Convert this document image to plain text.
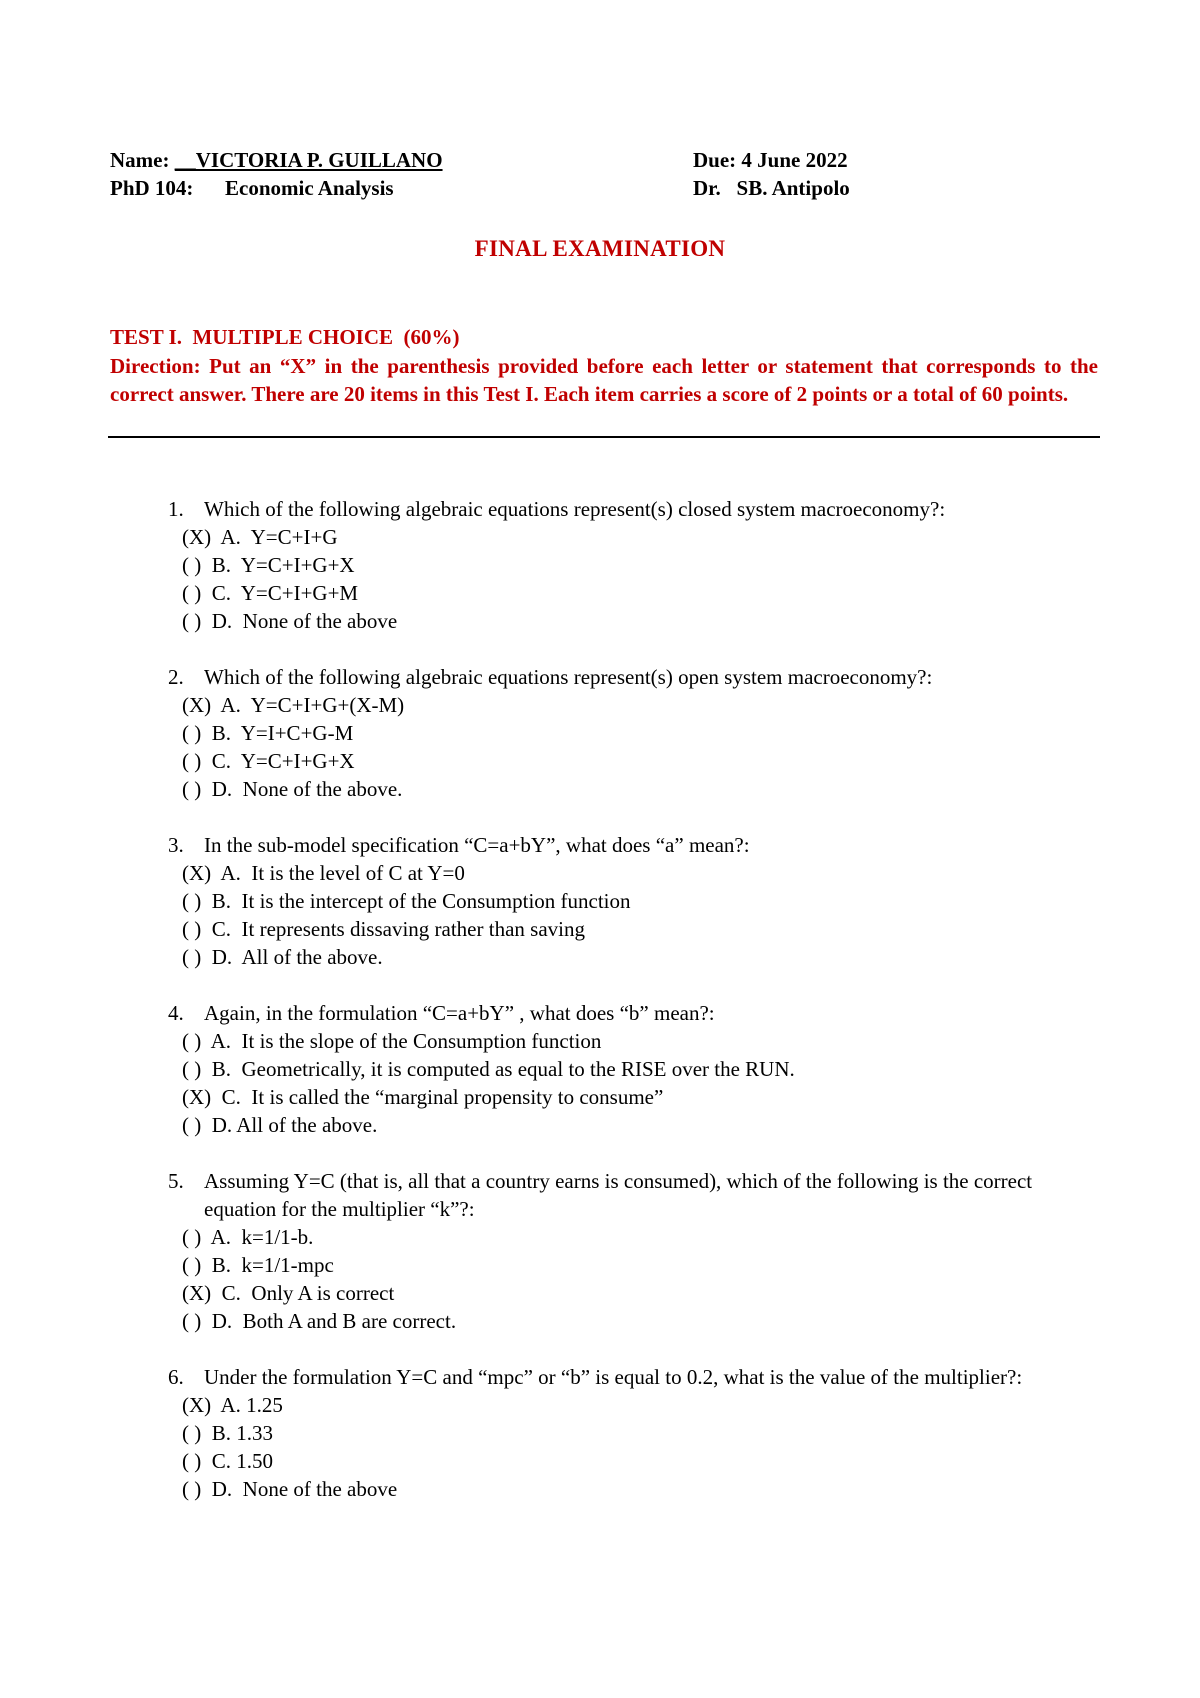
Name: __VICTORIA P. GUILLANO	Due: 4 June 2022
PhD 104: Economic Analysis	Dr.   SB. Antipolo
FINAL EXAMINATION
TEST I.  MULTIPLE CHOICE  (60%)
Direction: Put an “X” in the parenthesis provided before each letter or statement that corresponds to the correct answer. There are 20 items in this Test I. Each item carries a score of 2 points or a total of 60 points.
1. Which of the following algebraic equations represent(s) closed system macroeconomy?:
(X)  A.  Y=C+I+G
( )  B.  Y=C+I+G+X
( )  C.  Y=C+I+G+M
( )  D.  None of the above
2. Which of the following algebraic equations represent(s) open system macroeconomy?:
(X)  A.  Y=C+I+G+(X-M)
( )  B.  Y=I+C+G-M
( )  C.  Y=C+I+G+X
( )  D.  None of the above.
3. In the sub-model specification “C=a+bY”, what does “a” mean?:
(X)  A.  It is the level of C at Y=0
( )  B.  It is the intercept of the Consumption function
( )  C.  It represents dissaving rather than saving
( )  D.  All of the above.
4. Again, in the formulation “C=a+bY” , what does “b” mean?:
( )  A.  It is the slope of the Consumption function
( )  B.  Geometrically, it is computed as equal to the RISE over the RUN.
(X)  C.  It is called the “marginal propensity to consume”
( )  D. All of the above.
5. Assuming Y=C (that is, all that a country earns is consumed), which of the following is the correct equation for the multiplier “k”?:
( )  A.  k=1/1-b.
( )  B.  k=1/1-mpc
(X)  C.  Only A is correct
( )  D.  Both A and B are correct.
6. Under the formulation Y=C and “mpc” or “b” is equal to 0.2, what is the value of the multiplier?:
(X)  A. 1.25
( )  B. 1.33
( )  C. 1.50
( )  D.  None of the above
